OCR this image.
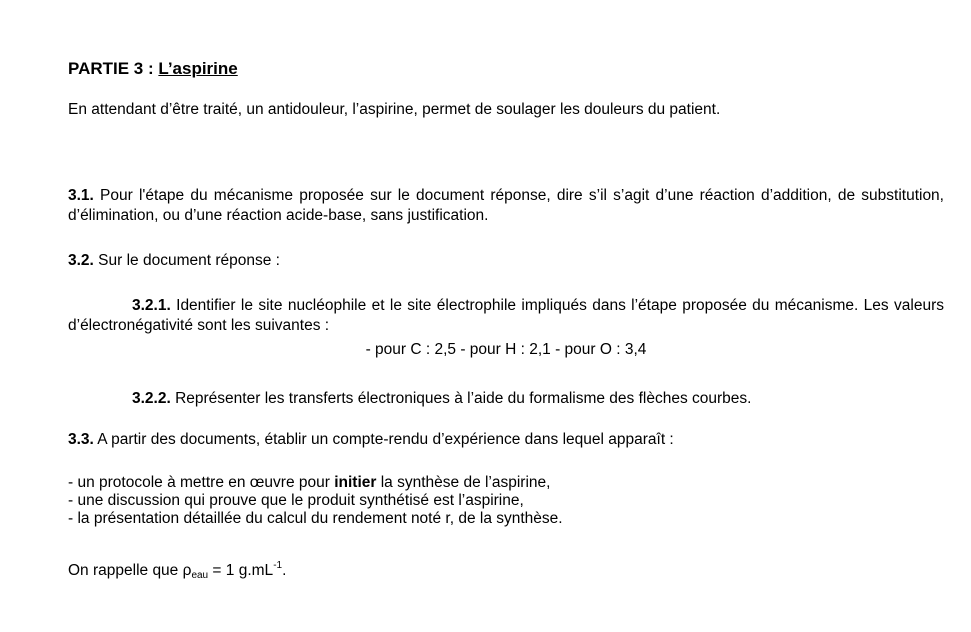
PARTIE 3 : L’aspirine
En attendant d’être traité, un antidouleur, l’aspirine, permet de soulager les douleurs du patient.
3.1. Pour l'étape du mécanisme proposée sur le document réponse, dire s’il s’agit d’une réaction d’addition, de substitution, d’élimination, ou d’une réaction acide-base, sans justification.
3.2. Sur le document réponse :
3.2.1. Identifier le site nucléophile et le site électrophile impliqués dans l’étape proposée du mécanisme. Les valeurs d’électronégativité sont les suivantes :
- pour C : 2,5 - pour H : 2,1 - pour O : 3,4
3.2.2. Représenter les transferts électroniques à l’aide du formalisme des flèches courbes.
3.3. A partir des documents, établir un compte-rendu d’expérience dans lequel apparaît :
- un protocole à mettre en œuvre pour initier la synthèse de l’aspirine,
- une discussion qui prouve que le produit synthétisé est l’aspirine,
- la présentation détaillée du calcul du rendement noté r, de la synthèse.
On rappelle que ρeau = 1 $g.mL^{-1}$.
